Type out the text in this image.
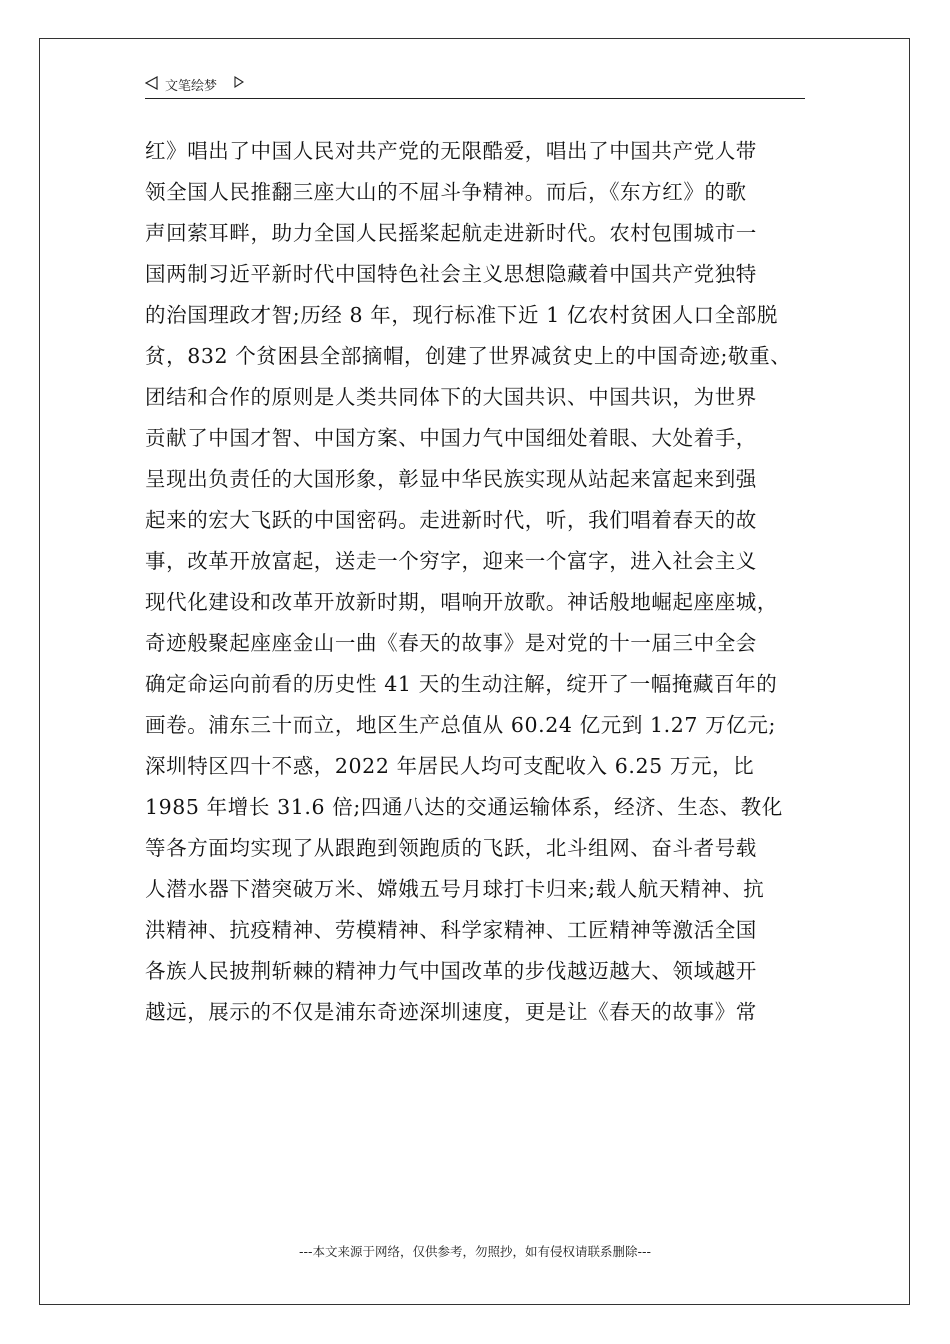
文笔绘梦
红》唱出了中国人民对共产党的无限酷爱，唱出了中国共产党人带
领全国人民推翻三座大山的不屈斗争精神。而后，《东方红》的歌
声回萦耳畔，助力全国人民摇桨起航走进新时代。农村包围城市一
国两制习近平新时代中国特色社会主义思想隐藏着中国共产党独特
的治国理政才智;历经 8 年，现行标准下近 1 亿农村贫困人口全部脱
贫，832 个贫困县全部摘帽，创建了世界减贫史上的中国奇迹;敬重、
团结和合作的原则是人类共同体下的大国共识、中国共识，为世界
贡献了中国才智、中国方案、中国力气中国细处着眼、大处着手，
呈现出负责任的大国形象，彰显中华民族实现从站起来富起来到强
起来的宏大飞跃的中国密码。走进新时代，听，我们唱着春天的故
事，改革开放富起，送走一个穷字，迎来一个富字，进入社会主义
现代化建设和改革开放新时期，唱响开放歌。神话般地崛起座座城，
奇迹般聚起座座金山一曲《春天的故事》是对党的十一届三中全会
确定命运向前看的历史性 41 天的生动注解，绽开了一幅掩藏百年的
画卷。浦东三十而立，地区生产总值从 60.24 亿元到 1.27 万亿元;
深圳特区四十不惑，2022 年居民人均可支配收入 6.25 万元，比
1985 年增长 31.6 倍;四通八达的交通运输体系，经济、生态、教化
等各方面均实现了从跟跑到领跑质的飞跃，北斗组网、奋斗者号载
人潜水器下潜突破万米、嫦娥五号月球打卡归来;载人航天精神、抗
洪精神、抗疫精神、劳模精神、科学家精神、工匠精神等激活全国
各族人民披荆斩棘的精神力气中国改革的步伐越迈越大、领域越开
越远，展示的不仅是浦东奇迹深圳速度，更是让《春天的故事》常
---本文来源于网络，仅供参考，勿照抄，如有侵权请联系删除---
